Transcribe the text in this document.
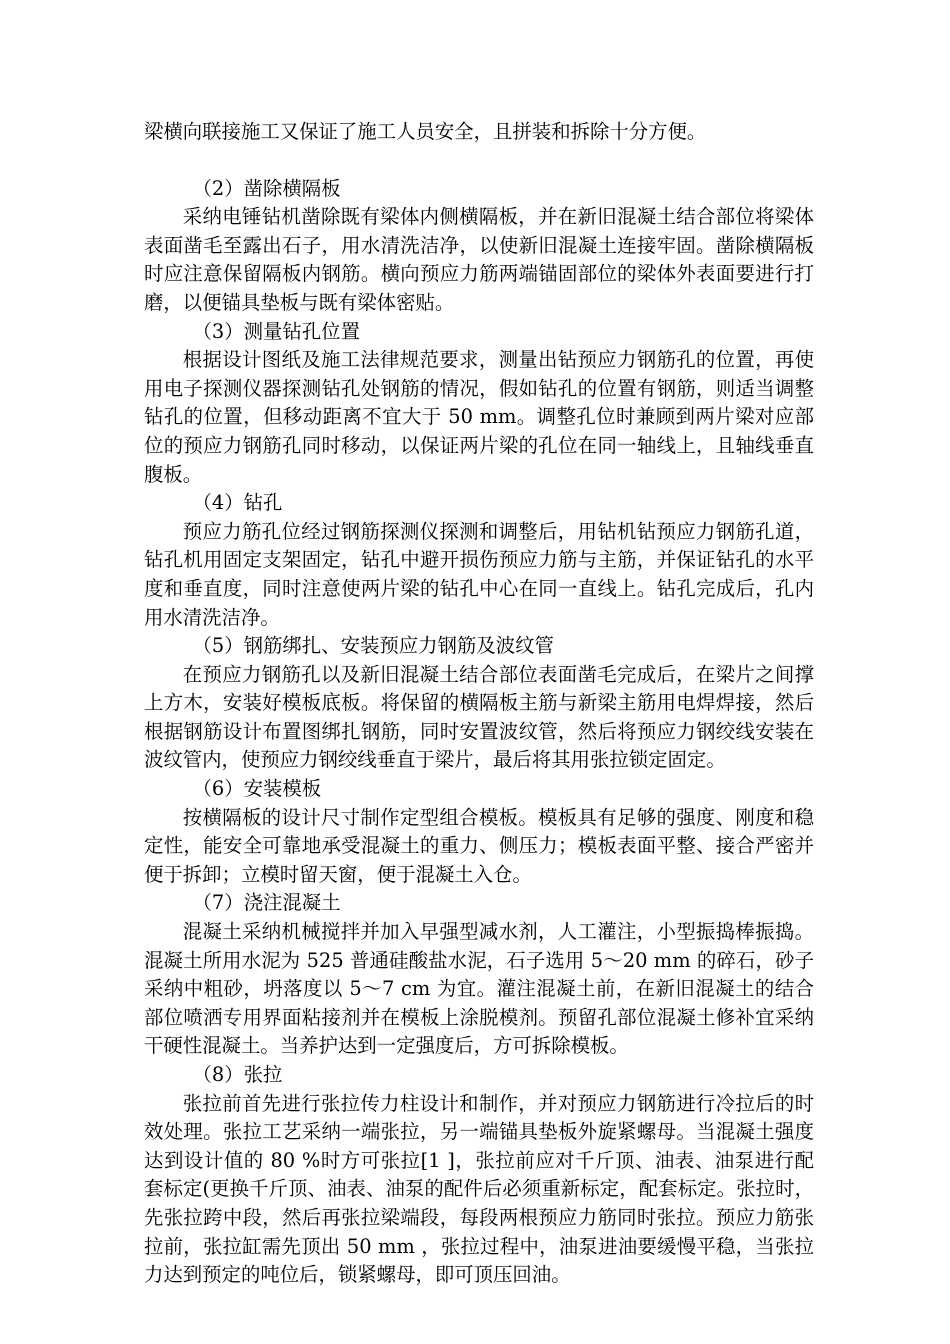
梁横向联接施工又保证了施工人员安全，且拼装和拆除十分方便。

（2）凿除横隔板

采纳电锤钻机凿除既有梁体内侧横隔板，并在新旧混凝土结合部位将梁体表面凿毛至露出石子，用水清洗洁净，以使新旧混凝土连接牢固。凿除横隔板时应注意保留隔板内钢筋。横向预应力筋两端锚固部位的梁体外表面要进行打磨，以便锚具垫板与既有梁体密贴。

（3）测量钻孔位置

根据设计图纸及施工法律规范要求，测量出钻预应力钢筋孔的位置，再使用电子探测仪器探测钻孔处钢筋的情况，假如钻孔的位置有钢筋，则适当调整钻孔的位置，但移动距离不宜大于 50 mm。调整孔位时兼顾到两片梁对应部位的预应力钢筋孔同时移动，以保证两片梁的孔位在同一轴线上，且轴线垂直腹板。

（4）钻孔

预应力筋孔位经过钢筋探测仪探测和调整后，用钻机钻预应力钢筋孔道，钻孔机用固定支架固定，钻孔中避开损伤预应力筋与主筋，并保证钻孔的水平度和垂直度，同时注意使两片梁的钻孔中心在同一直线上。钻孔完成后，孔内用水清洗洁净。

（5）钢筋绑扎、安装预应力钢筋及波纹管

在预应力钢筋孔以及新旧混凝土结合部位表面凿毛完成后，在梁片之间撑上方木，安装好模板底板。将保留的横隔板主筋与新梁主筋用电焊焊接，然后根据钢筋设计布置图绑扎钢筋，同时安置波纹管，然后将预应力钢绞线安装在波纹管内，使预应力钢绞线垂直于梁片，最后将其用张拉锁定固定。

（6）安装模板

按横隔板的设计尺寸制作定型组合模板。模板具有足够的强度、刚度和稳定性，能安全可靠地承受混凝土的重力、侧压力；模板表面平整、接合严密并便于拆卸；立模时留天窗，便于混凝土入仓。

（7）浇注混凝土

混凝土采纳机械搅拌并加入早强型减水剂，人工灌注，小型振捣棒振捣。混凝土所用水泥为 525 普通硅酸盐水泥，石子选用 5～20 mm 的碎石，砂子采纳中粗砂，坍落度以 5～7 cm 为宜。灌注混凝土前，在新旧混凝土的结合部位喷洒专用界面粘接剂并在模板上涂脱模剂。预留孔部位混凝土修补宜采纳干硬性混凝土。当养护达到一定强度后，方可拆除模板。

（8）张拉

张拉前首先进行张拉传力柱设计和制作，并对预应力钢筋进行冷拉后的时效处理。张拉工艺采纳一端张拉，另一端锚具垫板外旋紧螺母。当混凝土强度达到设计值的 80 %时方可张拉[1 ]，张拉前应对千斤顶、油表、油泵进行配套标定(更换千斤顶、油表、油泵的配件后必须重新标定，配套标定。张拉时，先张拉跨中段，然后再张拉梁端段，每段两根预应力筋同时张拉。预应力筋张拉前，张拉缸需先顶出 50 mm ，张拉过程中，油泵进油要缓慢平稳，当张拉力达到预定的吨位后，锁紧螺母，即可顶压回油。
